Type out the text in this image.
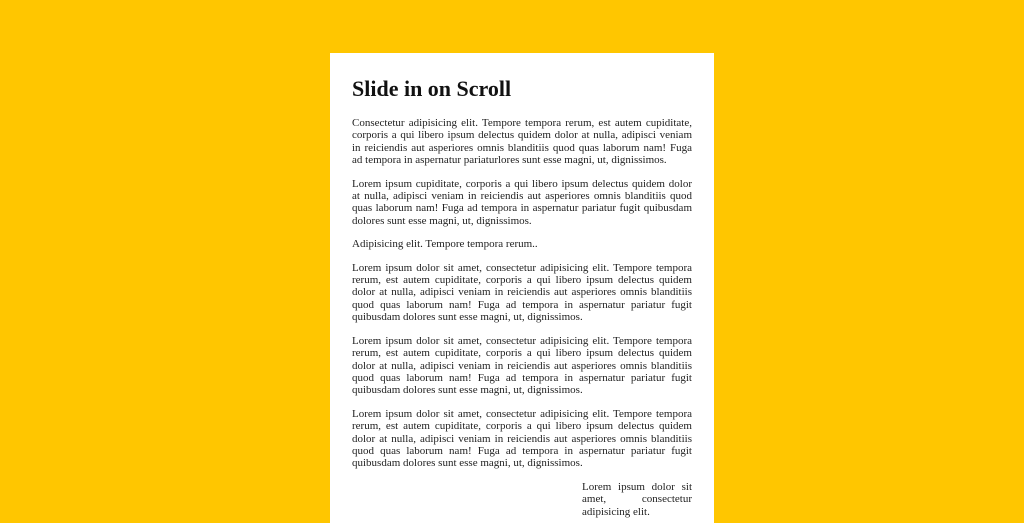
Slide in on Scroll

Consectetur adipisicing elit. Tempore tempora rerum, est autem cupiditate, corporis a qui libero ipsum delectus quidem dolor at nulla, adipisci veniam in reiciendis aut asperiores omnis blanditiis quod quas laborum nam! Fuga ad tempora in aspernatur pariaturlores sunt esse magni, ut, dignissimos.

Lorem ipsum cupiditate, corporis a qui libero ipsum delectus quidem dolor at nulla, adipisci veniam in reiciendis aut asperiores omnis blanditiis quod quas laborum nam! Fuga ad tempora in aspernatur pariatur fugit quibusdam dolores sunt esse magni, ut, dignissimos.

Adipisicing elit. Tempore tempora rerum..

Lorem ipsum dolor sit amet, consectetur adipisicing elit. Tempore tempora rerum, est autem cupiditate, corporis a qui libero ipsum delectus quidem dolor at nulla, adipisci veniam in reiciendis aut asperiores omnis blanditiis quod quas laborum nam! Fuga ad tempora in aspernatur pariatur fugit quibusdam dolores sunt esse magni, ut, dignissimos.

Lorem ipsum dolor sit amet, consectetur adipisicing elit. Tempore tempora rerum, est autem cupiditate, corporis a qui libero ipsum delectus quidem dolor at nulla, adipisci veniam in reiciendis aut asperiores omnis blanditiis quod quas laborum nam! Fuga ad tempora in aspernatur pariatur fugit quibusdam dolores sunt esse magni, ut, dignissimos.

Lorem ipsum dolor sit amet, consectetur adipisicing elit. Tempore tempora rerum, est autem cupiditate, corporis a qui libero ipsum delectus quidem dolor at nulla, adipisci veniam in reiciendis aut asperiores omnis blanditiis quod quas laborum nam! Fuga ad tempora in aspernatur pariatur fugit quibusdam dolores sunt esse magni, ut, dignissimos.

Lorem ipsum dolor sit amet, consectetur adipisicing elit.
